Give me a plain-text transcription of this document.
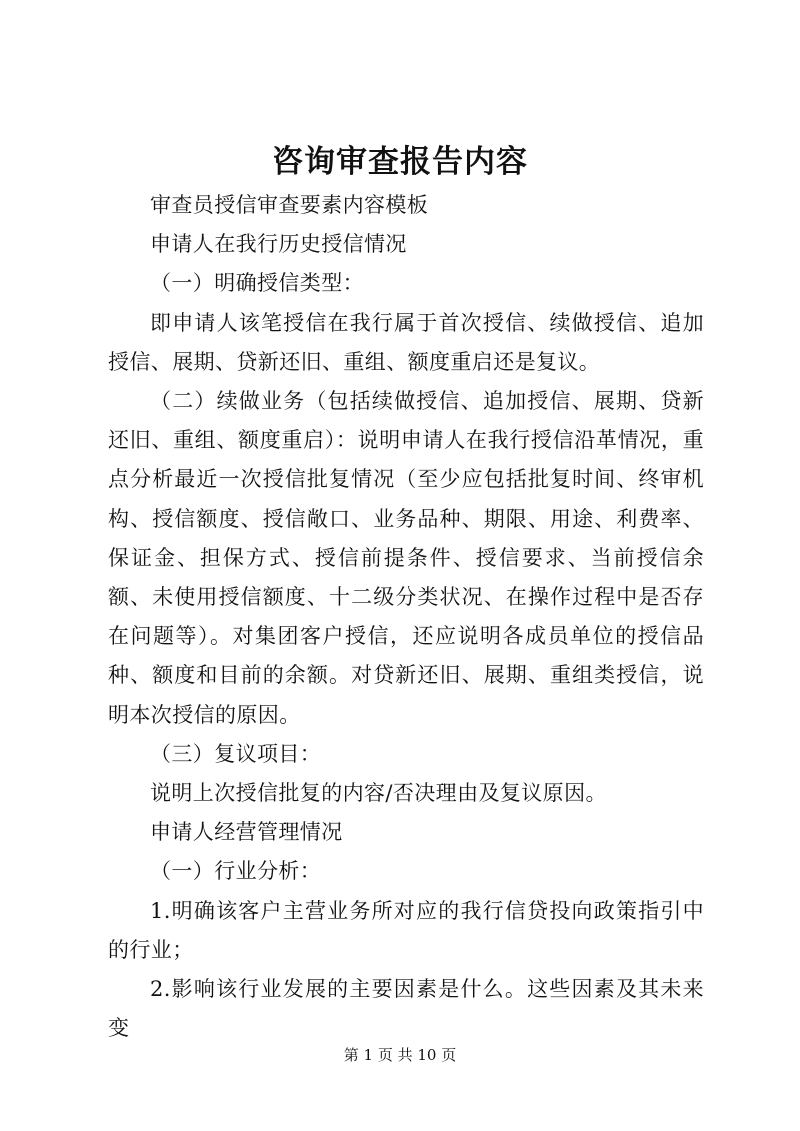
咨询审查报告内容

审查员授信审查要素内容模板

申请人在我行历史授信情况

（一）明确授信类型：

即申请人该笔授信在我行属于首次授信、续做授信、追加授信、展期、贷新还旧、重组、额度重启还是复议。

（二）续做业务（包括续做授信、追加授信、展期、贷新还旧、重组、额度重启）：说明申请人在我行授信沿革情况，重点分析最近一次授信批复情况（至少应包括批复时间、终审机构、授信额度、授信敞口、业务品种、期限、用途、利费率、保证金、担保方式、授信前提条件、授信要求、当前授信余额、未使用授信额度、十二级分类状况、在操作过程中是否存在问题等）。对集团客户授信，还应说明各成员单位的授信品种、额度和目前的余额。对贷新还旧、展期、重组类授信，说明本次授信的原因。

（三）复议项目：

说明上次授信批复的内容/否决理由及复议原因。

申请人经营管理情况

（一）行业分析：

1.明确该客户主营业务所对应的我行信贷投向政策指引中的行业；

2.影响该行业发展的主要因素是什么。这些因素及其未来变

第 1 页 共 10 页
